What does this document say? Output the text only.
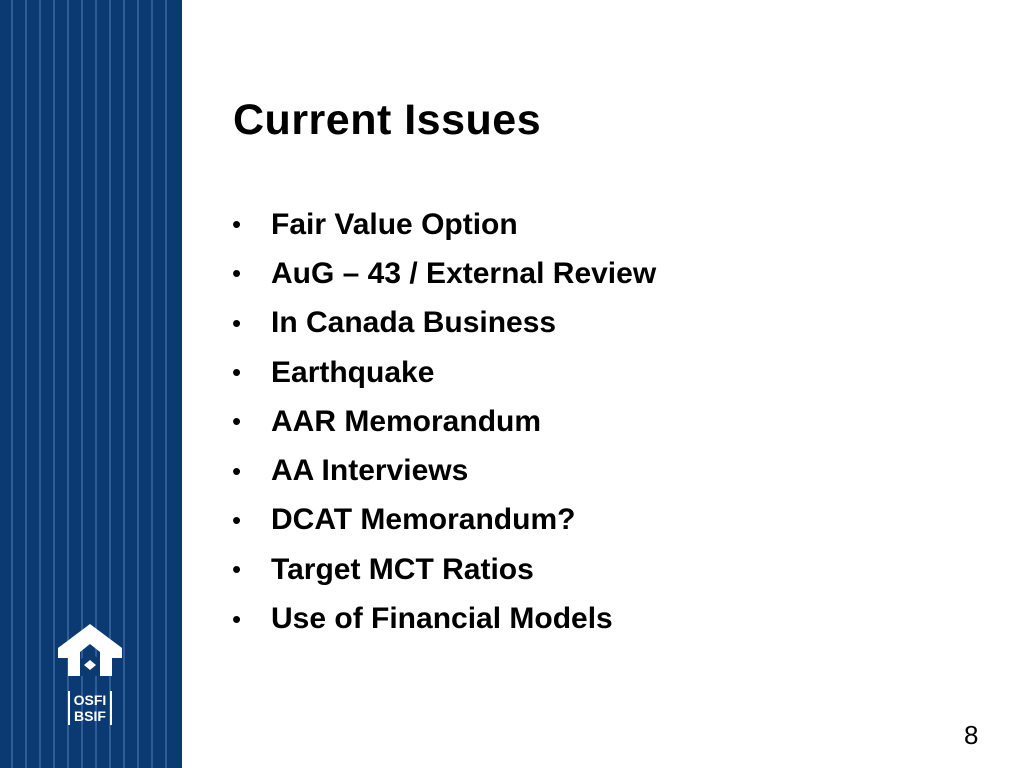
OSFI
BSIF
Current Issues
• Fair Value Option
• AuG – 43 / External Review
• In Canada Business
• Earthquake
• AAR Memorandum
• AA Interviews
• DCAT Memorandum?
• Target MCT Ratios
• Use of Financial Models
8
